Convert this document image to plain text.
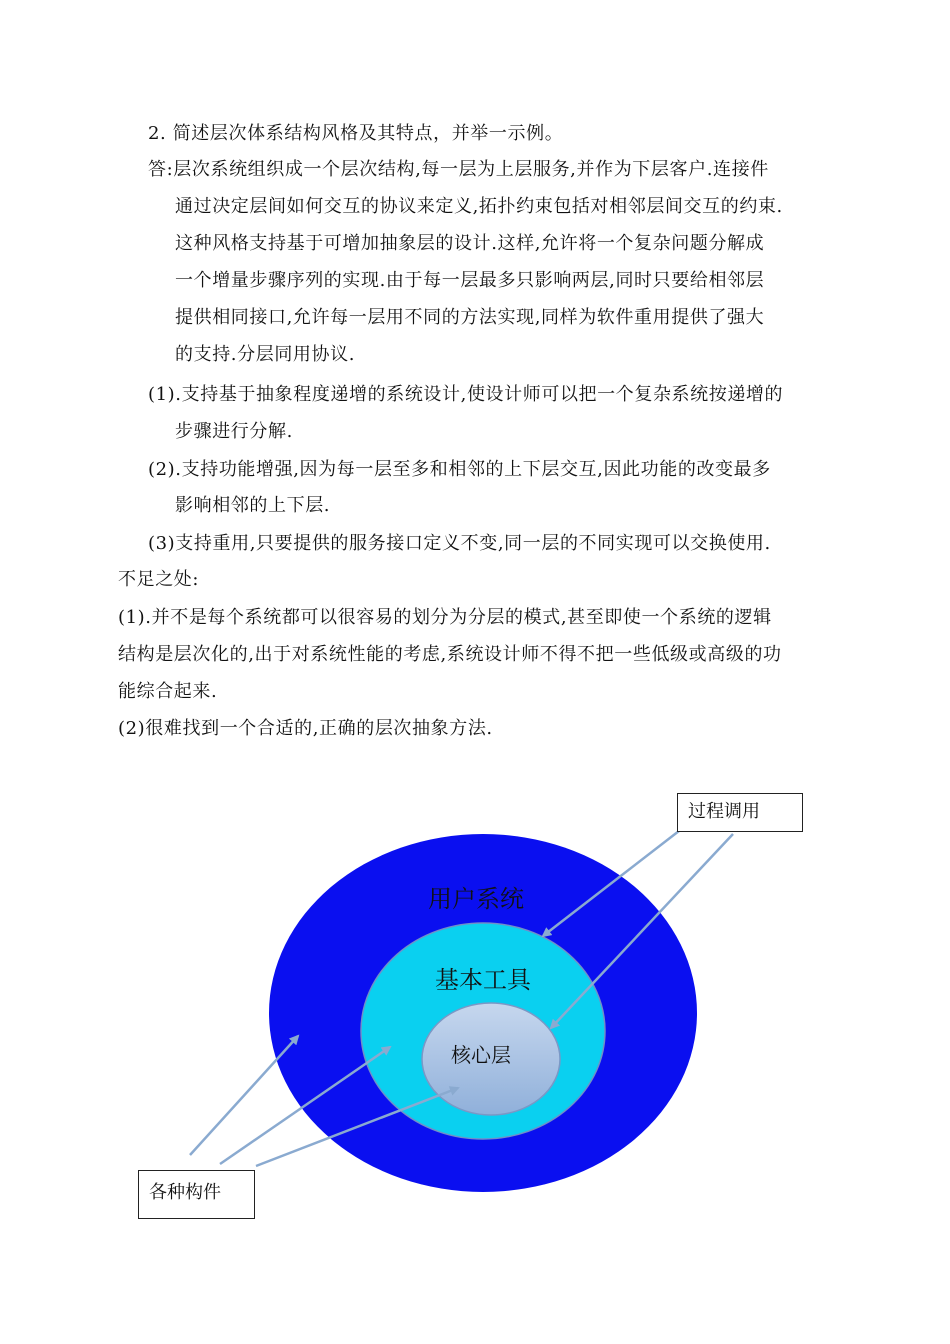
2. 简述层次体系结构风格及其特点，并举一示例。
答:层次系统组织成一个层次结构,每一层为上层服务,并作为下层客户.连接件
通过决定层间如何交互的协议来定义,拓扑约束包括对相邻层间交互的约束.
这种风格支持基于可增加抽象层的设计.这样,允许将一个复杂问题分解成
一个增量步骤序列的实现.由于每一层最多只影响两层,同时只要给相邻层
提供相同接口,允许每一层用不同的方法实现,同样为软件重用提供了强大
的支持.分层同用协议.
(1).支持基于抽象程度递增的系统设计,使设计师可以把一个复杂系统按递增的
步骤进行分解.
(2).支持功能增强,因为每一层至多和相邻的上下层交互,因此功能的改变最多
影响相邻的上下层.
(3)支持重用,只要提供的服务接口定义不变,同一层的不同实现可以交换使用.
不足之处:
(1).并不是每个系统都可以很容易的划分为分层的模式,甚至即使一个系统的逻辑
结构是层次化的,出于对系统性能的考虑,系统设计师不得不把一些低级或高级的功
能综合起来.
(2)很难找到一个合适的,正确的层次抽象方法.
用户系统
基本工具
核心层
过程调用
各种构件
